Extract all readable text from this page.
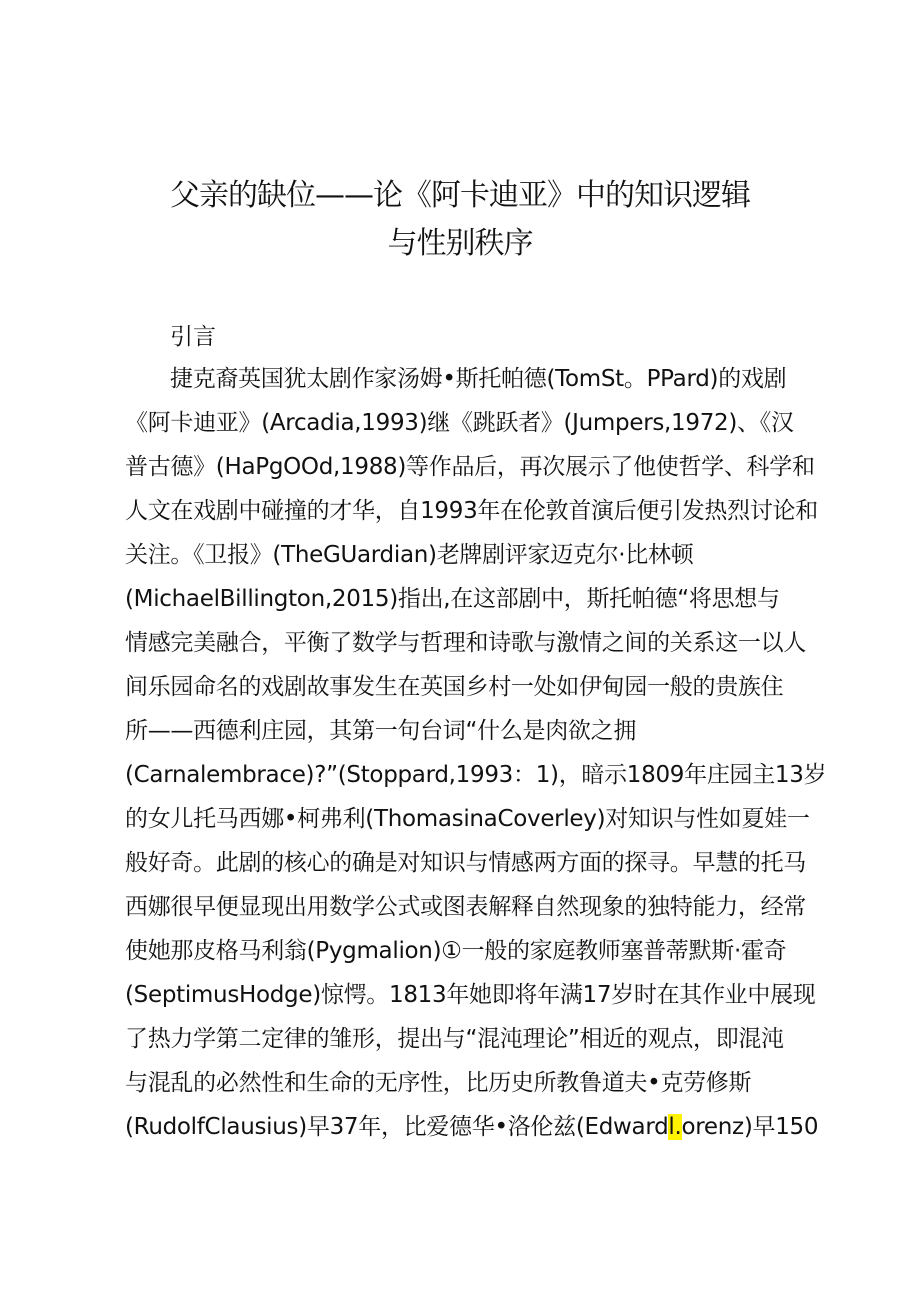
父亲的缺位——论《阿卡迪亚》中的知识逻辑
与性别秩序
引言
捷克裔英国犹太剧作家汤姆•斯托帕德(TomSt。PPard)的戏剧
《阿卡迪亚》(Arcadia,1993)继《跳跃者》(Jumpers,1972)、《汉
普古德》(HaPgOOd,1988)等作品后，再次展示了他使哲学、科学和
人文在戏剧中碰撞的才华，自1993年在伦敦首演后便引发热烈讨论和
关注。《卫报》(TheGUardian)老牌剧评家迈克尔·比林顿
(MichaelBillington,2015)指出,在这部剧中，斯托帕德“将思想与
情感完美融合，平衡了数学与哲理和诗歌与激情之间的关系这一以人
间乐园命名的戏剧故事发生在英国乡村一处如伊甸园一般的贵族住
所——西德利庄园，其第一句台词“什么是肉欲之拥
(Carnalembrace)?”(Stoppard,1993：1)，暗示1809年庄园主13岁
的女儿托马西娜•柯弗利(ThomasinaCoverley)对知识与性如夏娃一
般好奇。此剧的核心的确是对知识与情感两方面的探寻。早慧的托马
西娜很早便显现出用数学公式或图表解释自然现象的独特能力，经常
使她那皮格马利翁(Pygmalion)①一般的家庭教师塞普蒂默斯·霍奇
(SeptimusHodge)惊愕。1813年她即将年满17岁时在其作业中展现
了热力学第二定律的雏形，提出与“混沌理论”相近的观点，即混沌
与混乱的必然性和生命的无序性，比历史所教鲁道夫•克劳修斯
(RudolfClausius)早37年，比爱德华•洛伦兹(Edwardl.orenz)早150
